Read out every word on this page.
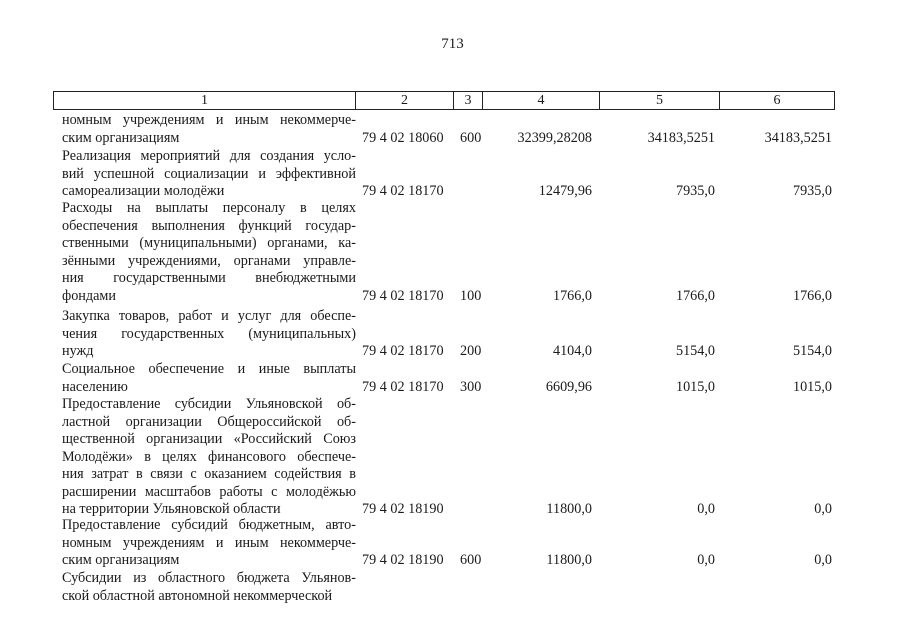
713
1	2	3	4	5	6
номным учреждениям и иным некоммерче-
ским организациям	79 4 02 18060 600	32399,28208	34183,5251	34183,5251
Реализация мероприятий для создания усло-
вий успешной социализации и эффективной
самореализации молодёжи	79 4 02 18170	12479,96	7935,0	7935,0
Расходы на выплаты персоналу в целях
обеспечения выполнения функций государ-
ственными (муниципальными) органами, ка-
зёнными учреждениями, органами управле-
ния государственными внебюджетными
фондами	79 4 02 18170 100	1766,0	1766,0	1766,0
Закупка товаров, работ и услуг для обеспе-
чения государственных (муниципальных)
нужд	79 4 02 18170 200	4104,0	5154,0	5154,0
Социальное обеспечение и иные выплаты
населению	79 4 02 18170 300	6609,96	1015,0	1015,0
Предоставление субсидии Ульяновской об-
ластной организации Общероссийской об-
щественной организации «Российский Союз
Молодёжи» в целях финансового обеспече-
ния затрат в связи с оказанием содействия в
расширении масштабов работы с молодёжью
на территории Ульяновской области	79 4 02 18190	11800,0	0,0	0,0
Предоставление субсидий бюджетным, авто-
номным учреждениям и иным некоммерче-
ским организациям	79 4 02 18190 600	11800,0	0,0	0,0
Субсидии из областного бюджета Ульянов-
ской областной автономной некоммерческой
